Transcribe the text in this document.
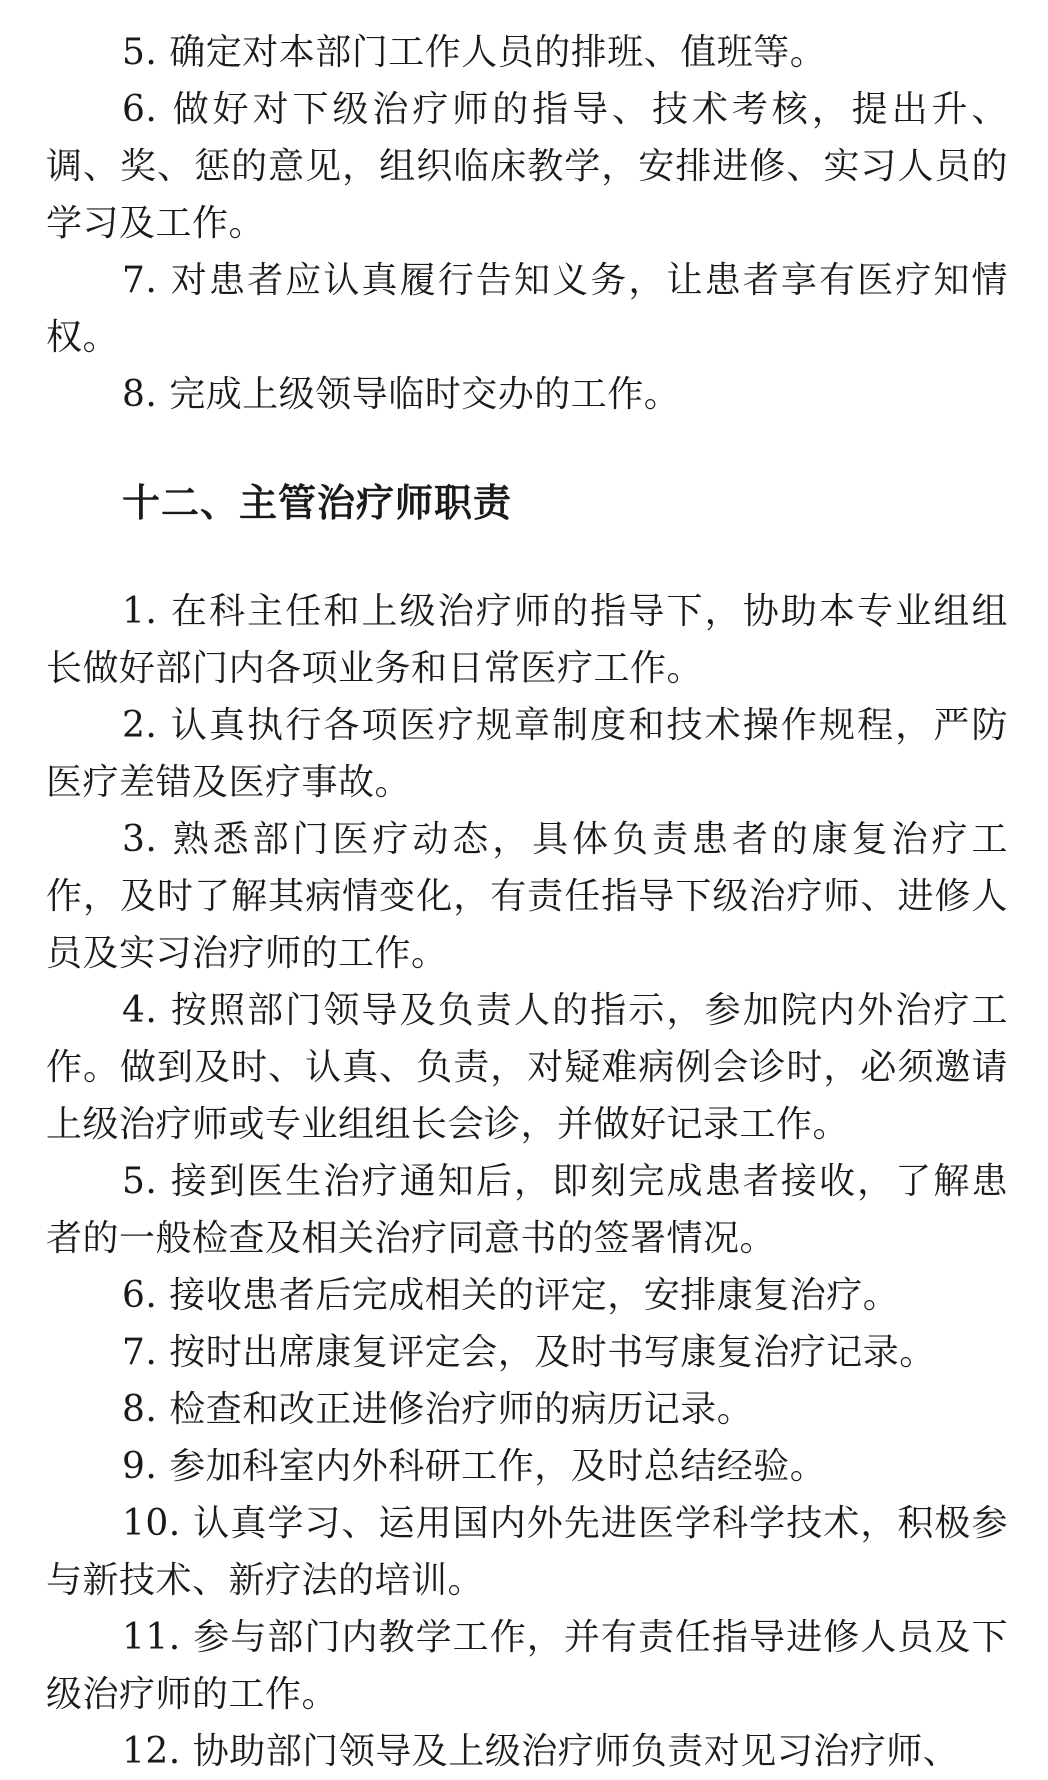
5. 确定对本部门工作人员的排班、值班等。

6. 做好对下级治疗师的指导、技术考核，提出升、调、奖、惩的意见，组织临床教学，安排进修、实习人员的学习及工作。

7. 对患者应认真履行告知义务，让患者享有医疗知情权。

8. 完成上级领导临时交办的工作。

十二、主管治疗师职责

1. 在科主任和上级治疗师的指导下，协助本专业组组长做好部门内各项业务和日常医疗工作。

2. 认真执行各项医疗规章制度和技术操作规程，严防医疗差错及医疗事故。

3. 熟悉部门医疗动态，具体负责患者的康复治疗工作，及时了解其病情变化，有责任指导下级治疗师、进修人员及实习治疗师的工作。

4. 按照部门领导及负责人的指示，参加院内外治疗工作。做到及时、认真、负责，对疑难病例会诊时，必须邀请上级治疗师或专业组组长会诊，并做好记录工作。

5. 接到医生治疗通知后，即刻完成患者接收，了解患者的一般检查及相关治疗同意书的签署情况。

6. 接收患者后完成相关的评定，安排康复治疗。

7. 按时出席康复评定会，及时书写康复治疗记录。

8. 检查和改正进修治疗师的病历记录。

9. 参加科室内外科研工作，及时总结经验。

10. 认真学习、运用国内外先进医学科学技术，积极参与新技术、新疗法的培训。

11. 参与部门内教学工作，并有责任指导进修人员及下级治疗师的工作。

12. 协助部门领导及上级治疗师负责对见习治疗师、
